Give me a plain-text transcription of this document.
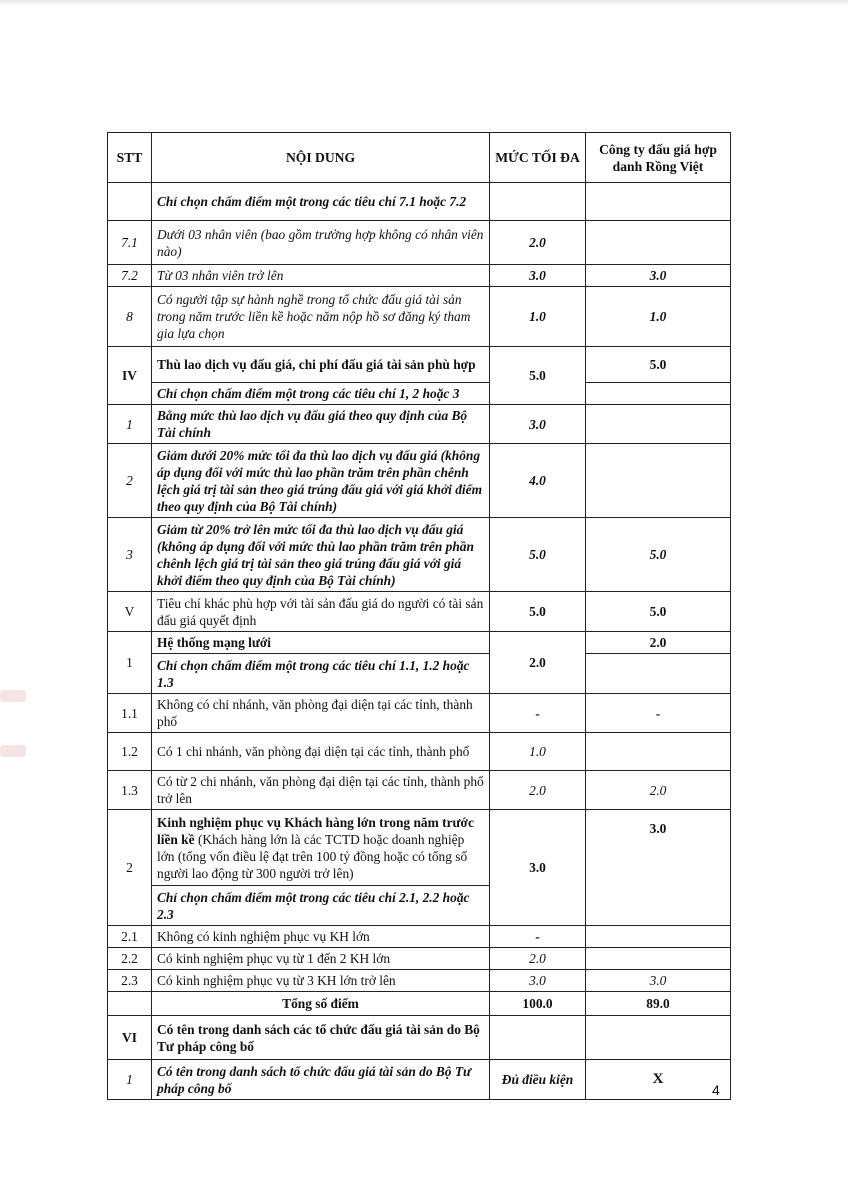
STT	NỘI DUNG	MỨC TỐI ĐA	Công ty đấu giá hợp danh Rồng Việt
	Chỉ chọn chấm điểm một trong các tiêu chí 7.1 hoặc 7.2		
7.1	Dưới 03 nhân viên (bao gồm trường hợp không có nhân viên nào)	2.0	
7.2	Từ 03 nhân viên trở lên	3.0	3.0
8	Có người tập sự hành nghề trong tổ chức đấu giá tài sản trong năm trước liền kề hoặc năm nộp hồ sơ đăng ký tham gia lựa chọn	1.0	1.0
IV	Thù lao dịch vụ đấu giá, chi phí đấu giá tài sản phù hợp	5.0	5.0
	Chỉ chọn chấm điểm một trong các tiêu chí 1, 2 hoặc 3		
1	Bằng mức thù lao dịch vụ đấu giá theo quy định của Bộ Tài chính	3.0	
2	Giảm dưới 20% mức tối đa thù lao dịch vụ đấu giá (không áp dụng đối với mức thù lao phần trăm trên phần chênh lệch giá trị tài sản theo giá trúng đấu giá với giá khởi điểm theo quy định của Bộ Tài chính)	4.0	
3	Giảm từ 20% trở lên mức tối đa thù lao dịch vụ đấu giá (không áp dụng đối với mức thù lao phần trăm trên phần chênh lệch giá trị tài sản theo giá trúng đấu giá với giá khởi điểm theo quy định của Bộ Tài chính)	5.0	5.0
V	Tiêu chí khác phù hợp với tài sản đấu giá do người có tài sản đấu giá quyết định	5.0	5.0
1	Hệ thống mạng lưới	2.0	2.0
	Chỉ chọn chấm điểm một trong các tiêu chí 1.1, 1.2 hoặc 1.3		
1.1	Không có chi nhánh, văn phòng đại diện tại các tỉnh, thành phố	-	-
1.2	Có 1 chi nhánh, văn phòng đại diện tại các tỉnh, thành phố	1.0	
1.3	Có từ 2 chi nhánh, văn phòng đại diện tại các tỉnh, thành phố trở lên	2.0	2.0
2	Kinh nghiệm phục vụ Khách hàng lớn trong năm trước liền kề (Khách hàng lớn là các TCTD hoặc doanh nghiệp lớn (tổng vốn điều lệ đạt trên 100 tỷ đồng hoặc có tổng số người lao động từ 300 người trở lên)	3.0	3.0
	Chỉ chọn chấm điểm một trong các tiêu chí 2.1, 2.2 hoặc 2.3		
2.1	Không có kinh nghiệm phục vụ KH lớn	-	
2.2	Có kinh nghiệm phục vụ từ 1 đến 2 KH lớn	2.0	
2.3	Có kinh nghiệm phục vụ từ 3 KH lớn trở lên	3.0	3.0
	Tổng số điểm	100.0	89.0
VI	Có tên trong danh sách các tổ chức đấu giá tài sản do Bộ Tư pháp công bố		
1	Có tên trong danh sách tổ chức đấu giá tài sản do Bộ Tư pháp công bố	Đủ điều kiện	X
4
